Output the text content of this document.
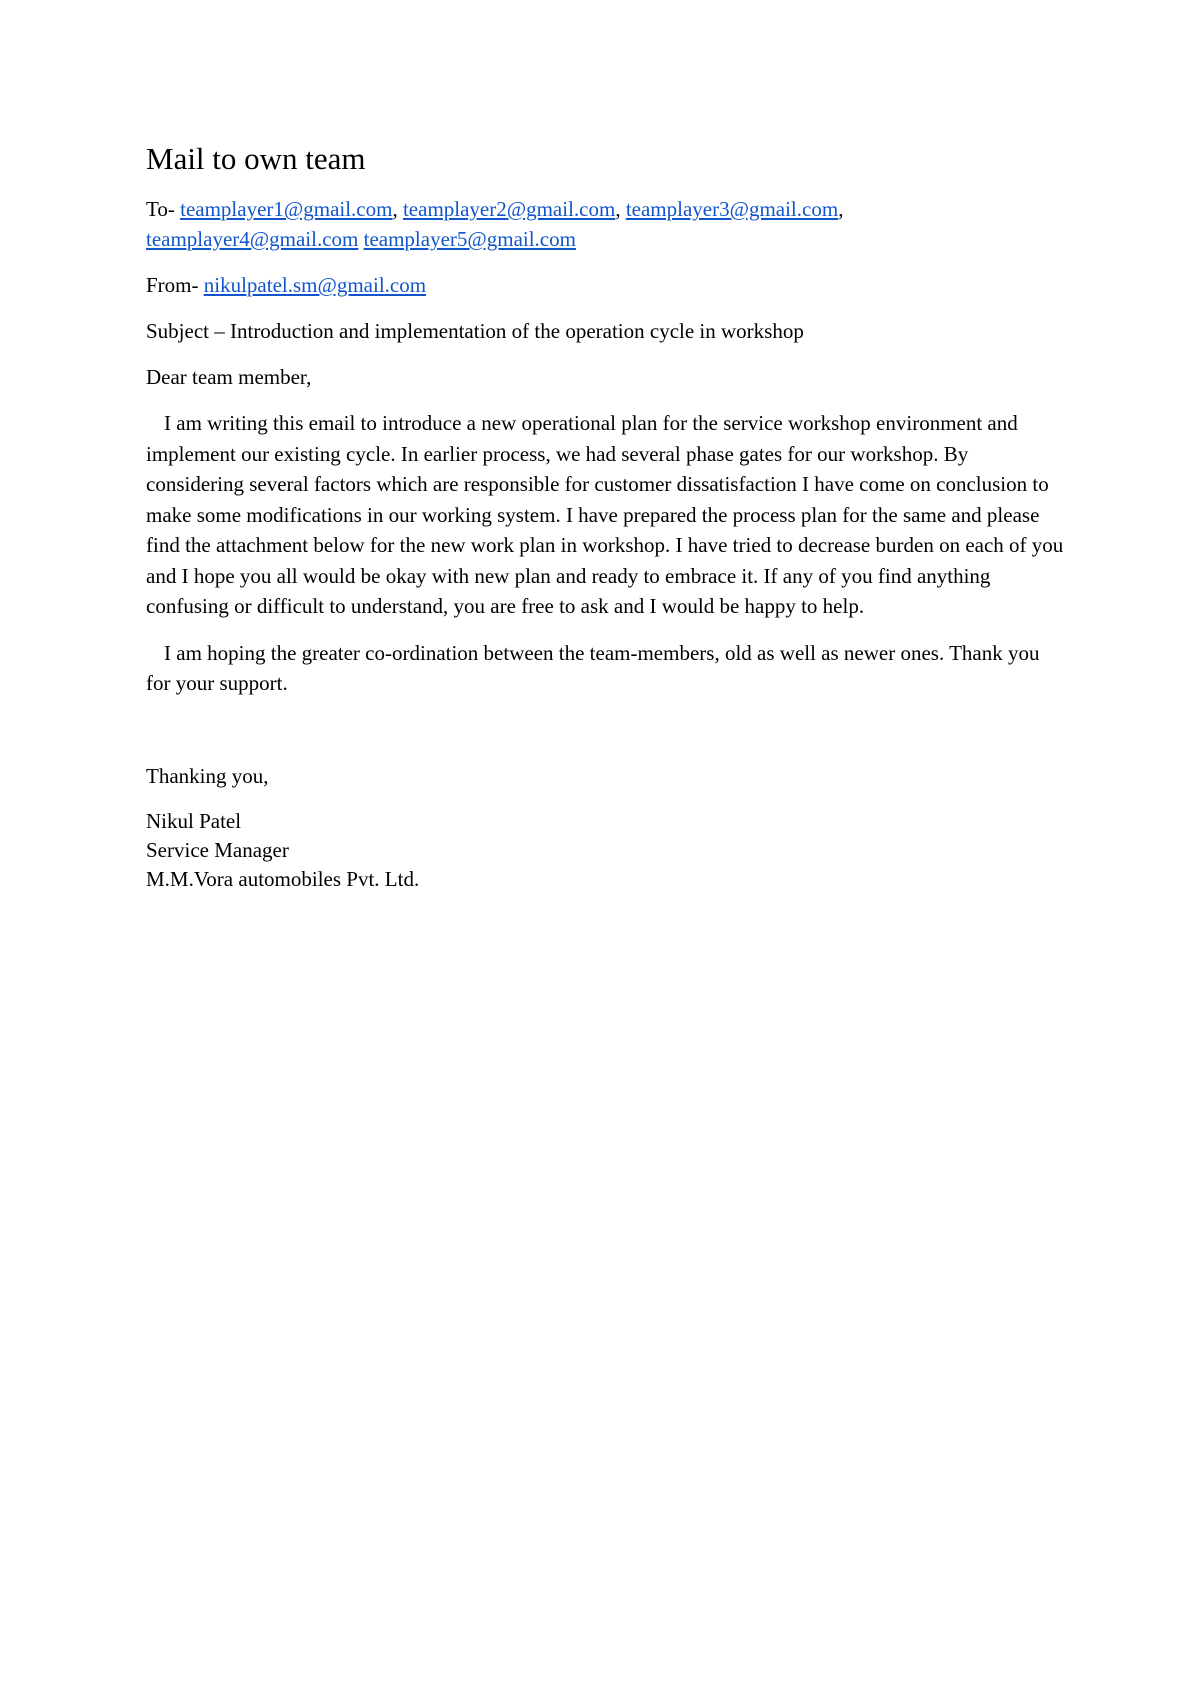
Mail to own team
To- teamplayer1@gmail.com, teamplayer2@gmail.com, teamplayer3@gmail.com,
teamplayer4@gmail.com teamplayer5@gmail.com
From- nikulpatel.sm@gmail.com

Subject – Introduction and implementation of the operation cycle in workshop

Dear team member,

I am writing this email to introduce a new operational plan for the service workshop environment and implement our existing cycle. In earlier process, we had several phase gates for our workshop. By considering several factors which are responsible for customer dissatisfaction I have come on conclusion to make some modifications in our working system. I have prepared the process plan for the same and please find the attachment below for the new work plan in workshop. I have tried to decrease burden on each of you and I hope you all would be okay with new plan and ready to embrace it. If any of you find anything confusing or difficult to understand, you are free to ask and I would be happy to help.

I am hoping the greater co-ordination between the team-members, old as well as newer ones. Thank you for your support.

Thanking you,

Nikul Patel

Service Manager

M.M.Vora automobiles Pvt. Ltd.
